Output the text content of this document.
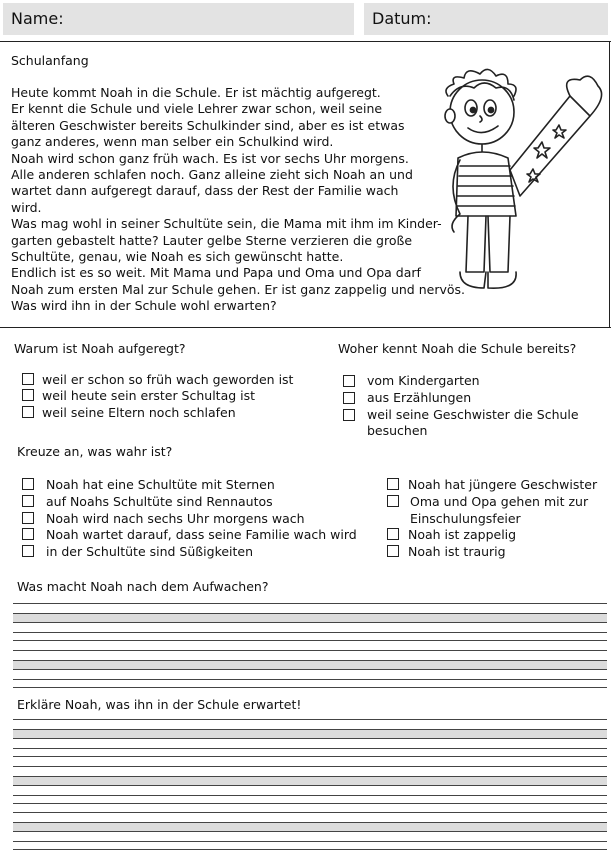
Name:	Datum:
Schulanfang
Heute kommt Noah in die Schule. Er ist mächtig aufgeregt.
Er kennt die Schule und viele Lehrer zwar schon, weil seine
älteren Geschwister bereits Schulkinder sind, aber es ist etwas
ganz anderes, wenn man selber ein Schulkind wird.
Noah wird schon ganz früh wach. Es ist vor sechs Uhr morgens.
Alle anderen schlafen noch. Ganz alleine zieht sich Noah an und
wartet dann aufgeregt darauf, dass der Rest der Familie wach
wird.
Was mag wohl in seiner Schultüte sein, die Mama mit ihm im Kinder-
garten gebastelt hatte? Lauter gelbe Sterne verzieren die große
Schultüte, genau, wie Noah es sich gewünscht hatte.
Endlich ist es so weit. Mit Mama und Papa und Oma und Opa darf
Noah zum ersten Mal zur Schule gehen. Er ist ganz zappelig und nervös.
Was wird ihn in der Schule wohl erwarten?
Warum ist Noah aufgeregt?
weil er schon so früh wach geworden ist
weil heute sein erster Schultag ist
weil seine Eltern noch schlafen
Woher kennt Noah die Schule bereits?
vom Kindergarten
aus Erzählungen
weil seine Geschwister die Schule
besuchen
Kreuze an, was wahr ist?
Noah hat eine Schultüte mit Sternen
auf Noahs Schultüte sind Rennautos
Noah wird nach sechs Uhr morgens wach
Noah wartet darauf, dass seine Familie wach wird
in der Schultüte sind Süßigkeiten
Noah hat jüngere Geschwister
Oma und Opa gehen mit zur
Einschulungsfeier
Noah ist zappelig
Noah ist traurig
Was macht Noah nach dem Aufwachen?
Erkläre Noah, was ihn in der Schule erwartet!
